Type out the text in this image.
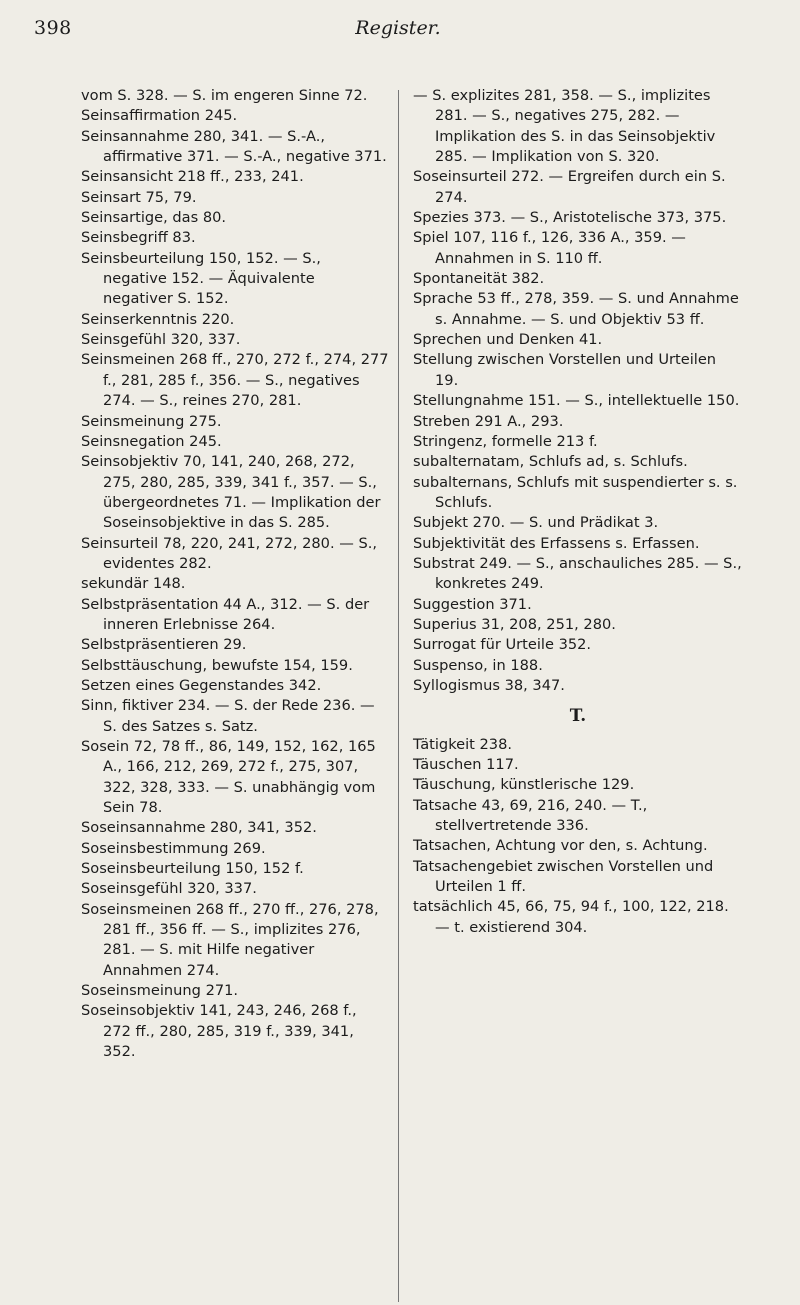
398	Register.
vom S. 328. — S. im engeren Sinne 72.
Seinsaffirmation 245.
Seinsannahme 280, 341. — S.-A., affirmative 371. — S.-A., negative 371.
Seinsansicht 218 ff., 233, 241.
Seinsart 75, 79.
Seinsartige, das 80.
Seinsbegriff 83.
Seinsbeurteilung 150, 152. — S., negative 152. — Äquivalente negativer S. 152.
Seinserkenntnis 220.
Seinsgefühl 320, 337.
Seinsmeinen 268 ff., 270, 272 f., 274, 277 f., 281, 285 f., 356. — S., negatives 274. — S., reines 270, 281.
Seinsmeinung 275.
Seinsnegation 245.
Seinsobjektiv 70, 141, 240, 268, 272, 275, 280, 285, 339, 341 f., 357. — S., übergeordnetes 71. — Implikation der Soseinsobjektive in das S. 285.
Seinsurteil 78, 220, 241, 272, 280. — S., evidentes 282.
sekundär 148.
Selbstpräsentation 44 A., 312. — S. der inneren Erlebnisse 264.
Selbstpräsentieren 29.
Selbsttäuschung, bewufste 154, 159.
Setzen eines Gegenstandes 342.
Sinn, fiktiver 234. — S. der Rede 236. — S. des Satzes s. Satz.
Sosein 72, 78 ff., 86, 149, 152, 162, 165 A., 166, 212, 269, 272 f., 275, 307, 322, 328, 333. — S. unabhängig vom Sein 78.
Soseinsannahme 280, 341, 352.
Soseinsbestimmung 269.
Soseinsbeurteilung 150, 152 f.
Soseinsgefühl 320, 337.
Soseinsmeinen 268 ff., 270 ff., 276, 278, 281 ff., 356 ff. — S., implizites 276, 281. — S. mit Hilfe negativer Annahmen 274.
Soseinsmeinung 271.
Soseinsobjektiv 141, 243, 246, 268 f., 272 ff., 280, 285, 319 f., 339, 341, 352.
— S. explizites 281, 358. — S., implizites 281. — S., negatives 275, 282. — Implikation des S. in das Seinsobjektiv 285. — Implikation von S. 320.
Soseinsurteil 272. — Ergreifen durch ein S. 274.
Spezies 373. — S., Aristotelische 373, 375.
Spiel 107, 116 f., 126, 336 A., 359. — Annahmen in S. 110 ff.
Spontaneität 382.
Sprache 53 ff., 278, 359. — S. und Annahme s. Annahme. — S. und Objektiv 53 ff.
Sprechen und Denken 41.
Stellung zwischen Vorstellen und Urteilen 19.
Stellungnahme 151. — S., intellektuelle 150.
Streben 291 A., 293.
Stringenz, formelle 213 f.
subalternatam, Schlufs ad, s. Schlufs.
subalternans, Schlufs mit suspendierter s. s. Schlufs.
Subjekt 270. — S. und Prädikat 3.
Subjektivität des Erfassens s. Erfassen.
Substrat 249. — S., anschauliches 285. — S., konkretes 249.
Suggestion 371.
Superius 31, 208, 251, 280.
Surrogat für Urteile 352.
Suspenso, in 188.
Syllogismus 38, 347.
T.
Tätigkeit 238.
Täuschen 117.
Täuschung, künstlerische 129.
Tatsache 43, 69, 216, 240. — T., stellvertretende 336.
Tatsachen, Achtung vor den, s. Achtung.
Tatsachengebiet zwischen Vorstellen und Urteilen 1 ff.
tatsächlich 45, 66, 75, 94 f., 100, 122, 218. — t. existierend 304.
